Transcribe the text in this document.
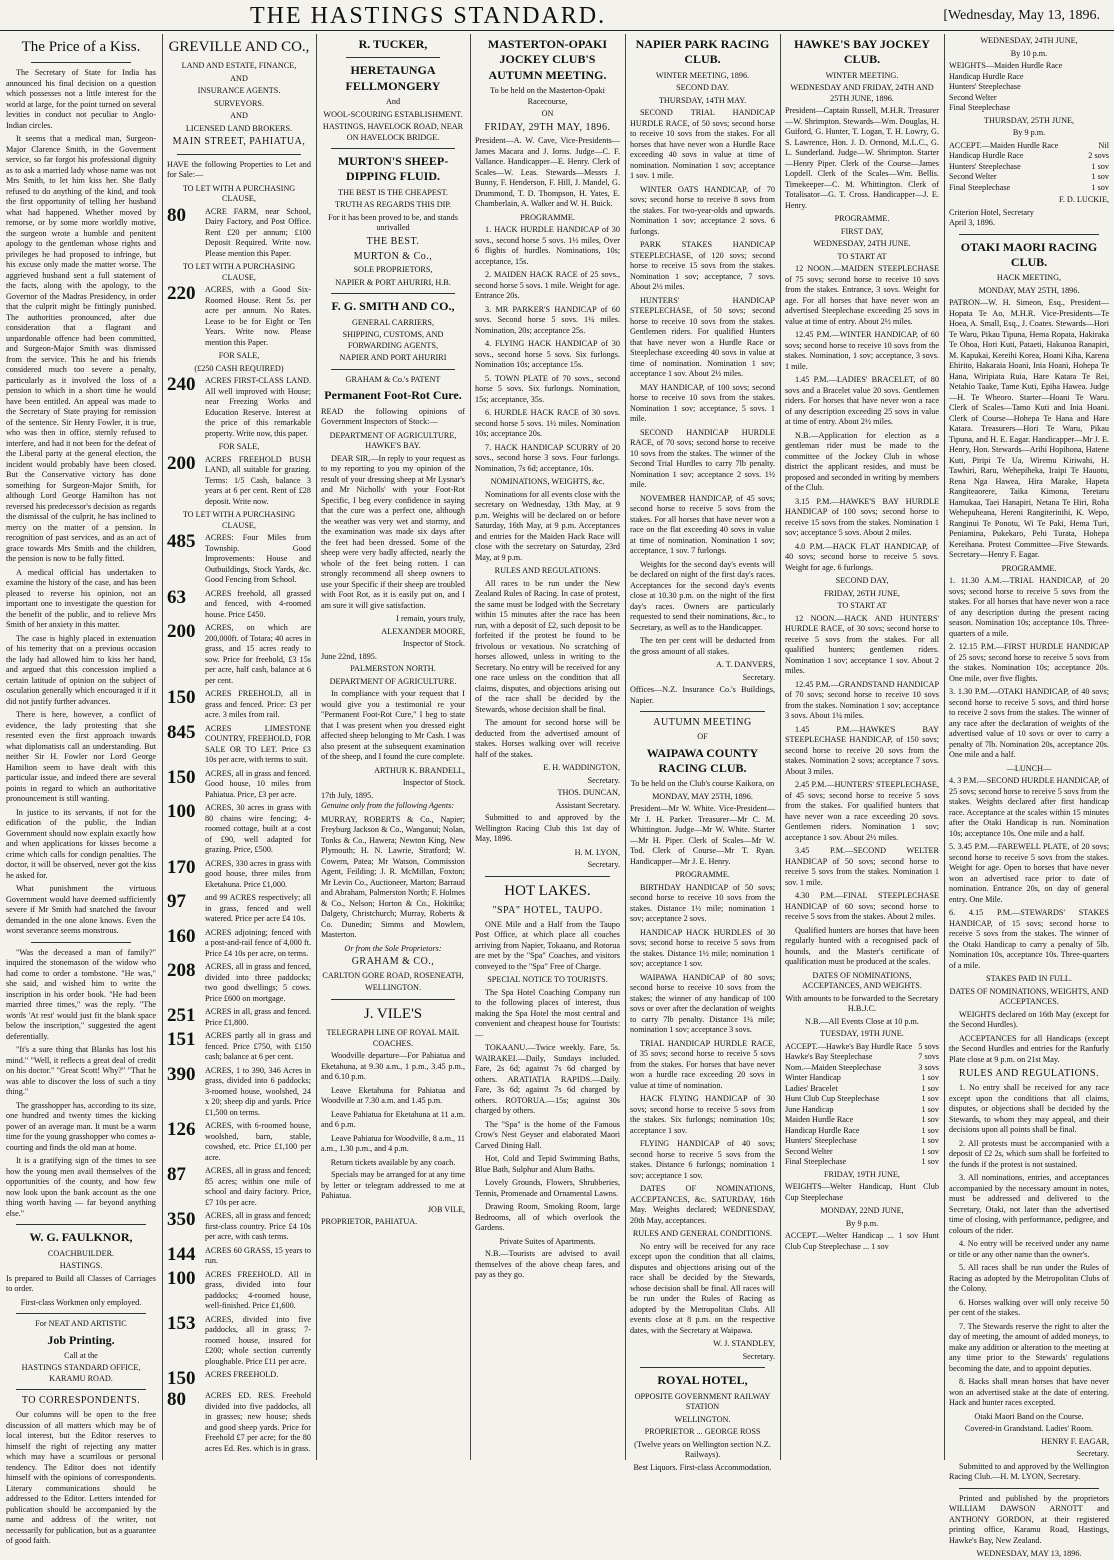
THE HASTINGS STANDARD.	[Wednesday, May 13, 1896.
The Price of a Kiss.

The Secretary of State for India has announced his final decision on a question which possesses not a little interest for the world at large, for the point turned on several levities in conduct not peculiar to Anglo-Indian circles.

It seems that a medical man, Surgeon-Major Clarence Smith, in the Goverment service, so far forgot his professional dignity as to ask a married lady whose name was not Mrs Smith, to let him kiss her. She flatly refused to do anything of the kind, and took the first opportunity of telling her husband what had happened. Whether moved by remorse, or by some more worldly motive, the surgeon wrote a humble and penitent apology to the gentleman whose rights and privileges he had proposed to infringe, but his excuse only made the matter worse. The aggrieved husband sent a full statement of the facts, along with the apology, to the Governor of the Madras Presidency, in order that the culprit might be fittingly punished. The authorities pronounced, after due consideration that a flagrant and unpardonable offence had been committed, and Surgeon-Major Smith was dismissed from the service. This he and his friends considered much too severe a penalty, particularly as it involved the loss of a pension to which in a short time he would have been entitled. An appeal was made to the Secretary of State praying for remission of the sentence. Sir Henry Fowler, it is true, who was then in office, sternly refused to interfere, and had it not been for the defeat of the Liberal party at the general election, the incident would probably have been closed. But the Conservative victory has done something for Surgeon-Major Smith, for although Lord George Hamilton has not reversed his predecessor's decision as regards the dismissal of the culprit, he has inclined to mercy on the matter of a pension. In recognition of past services, and as an act of grace towards Mrs Smith and the children, the pension is now to be fully fitted.

A medical official has undertaken to examine the history of the case, and has been pleased to reverse his opinion, not an important one to investigate the question for the benefit of the public, and to relieve Mrs Smith of her anxiety in this matter.

The case is highly placed in extenuation of his temerity that on a previous occasion the lady had allowed him to kiss her hand, and argued that this concession implied a certain latitude of opinion on the subject of osculation generally which encouraged it if it did not justify further advances.

There is here, however, a conflict of evidence, the lady protesting that she resented even the first approach towards what diplomatists call an understanding. But neither Sir H. Fowler nor Lord George Hamilton seem to have dealt with this particular issue, and indeed there are several points in regard to which an authoritative pronouncement is still wanting.

In justice to its servants, if not for the edification of the public, the Indian Government should now explain exactly how and when applications for kisses become a crime which calls for condign penalties. The doctor, it will be observed, never got the kiss he asked for.

What punishment the virtuous Government would have deemed sufficiently severe if Mr Smith had snatched the favour demanded in the one alone knows. Even the worst severance seems monstrous.

"Was the deceased a man of family?" inquired the stonemason of the widow who had come to order a tombstone. "He was," she said, and wished him to write the inscription in his order book. "He had been married three times," was the reply. "The words 'At rest' would just fit the blank space below the inscription," suggested the agent deferentially.

"It's a sure thing that Blanks has lost his mind." "Well, it reflects a great deal of credit on his doctor." "Great Scott! Why?" "That he was able to discover the loss of such a tiny thing."

The grasshopper has, according to its size, one hundred and twenty times the kicking power of an average man. It must be a warm time for the young grasshopper who comes a-courting and finds the old man at home.

It is a gratifying sign of the times to see how the young men avail themselves of the opportunities of the county, and how few now look upon the bank account as the one thing worth having — far beyond anything else."

W. G. FAULKNOR,
COACHBUILDER.
HASTINGS.

Is prepared to Build all Classes of Carriages to order.

First-class Workmen only employed.

For NEAT AND ARTISTIC

Job Printing.
Call at the
HASTINGS STANDARD OFFICE, KARAMU ROAD.
TO CORRESPONDENTS.

Our columns will be open to the free discussion of all matters which may be of local interest, but the Editor reserves to himself the right of rejecting any matter which may have a scurrilous or personal tendency. The Editor does not identify himself with the opinions of correspondents. Literary communications should be addressed to the Editor. Letters intended for publication should be accompanied by the name and address of the writer, not necessarily for publication, but as a guarantee of good faith.

GREVILLE AND CO.,
LAND AND ESTATE, FINANCE,
AND
INSURANCE AGENTS.
SURVEYORS.
AND
LICENSED LAND BROKERS.
MAIN STREET, PAHIATUA,

HAVE the following Properties to Let and for Sale:—

TO LET WITH A PURCHASING CLAUSE,
80	ACRE FARM, near School, Dairy Factory, and Post Office. Rent £20 per annum; £100 Deposit Required. Write now. Please mention this Paper.
TO LET WITH A PURCHASING CLAUSE,
220	ACRES, with a Good Six-Roomed House. Rent 5s. per acre per annum. No Rates. Lease to be for Eight or Ten Years. Write now. Please mention this Paper.
FOR SALE,
(£250 CASH REQUIRED)
240	ACRES FIRST-CLASS LAND. All well improved with House; near Freezing Works and Education Reserve. Interest at the price of this remarkable property. Write now, this paper.
FOR SALE,
200	ACRES FREEHOLD BUSH LAND, all suitable for grazing. Terms: 1/5 Cash, balance 3 years at 6 per cent. Rent of £28 deposit. Write now.
TO LET WITH A PURCHASING CLAUSE,
485	ACRES: Four Miles from Township. Good Improvements: House and Outbuildings, Stock Yards, &c. Good Fencing from School.
63	ACRES freehold, all grassed and fenced, with 4-roomed house. Price £450.
200	ACRES, on which are 200,000ft. of Totara; 40 acres in grass, and 15 acres ready to sow. Price for freehold, £3 15s per acre, half cash, balance at 6 per cent.
150	ACRES FREEHOLD, all in grass and fenced. Price: £3 per acre. 3 miles from rail.
845	ACRES LIMESTONE COUNTRY, FREEHOLD, FOR SALE OR TO LET. Price £3 10s per acre, with terms to suit.
150	ACRES, all in grass and fenced. Good house, 10 miles from Pahiatua. Price, £3 per acre.
100	ACRES, 30 acres in grass with 80 chains wire fencing; 4-roomed cottage, built at a cost of £90, well adapted for grazing. Price, £500.
170	ACRES, 330 acres in grass with good house, three miles from Eketahuna. Price £1,000.
97	and 99 ACRES respectively; all in grass, fenced and well watered. Price per acre £4 10s.
160	ACRES adjoining; fenced with a post-and-rail fence of 4,000 ft. Price £4 10s per acre, on terms.
208	ACRES, all in grass and fenced, divided into three paddocks; two good dwellings; 5 cows. Price £600 on mortgage.
251	ACRES in all, grass and fenced. Price £1,800.
151	ACRES partly all in grass and fenced. Price £750, with £150 cash; balance at 6 per cent.
390	ACRES, 1 to 390, 346 Acres in grass, divided into 6 paddocks; 3-roomed house, woolshed, 24 x 20; sheep dip and yards. Price £1,500 on terms.
126	ACRES, with 6-roomed house, woolshed, barn, stable, cowshed, etc. Price £1,100 per acre.
87	ACRES, all in grass and fenced; 85 acres; within one mile of school and dairy factory. Price, £7 10s per acre.
350	ACRES, all in grass and fenced; first-class country. Price £4 10s per acre, with cash terms.
144	ACRES 60 GRASS, 15 years to run.
100	ACRES FREEHOLD. All in grass, divided into four paddocks; 4-roomed house, well-finished. Price £1,600.
153	ACRES, divided into five paddocks, all in grass; 7-roomed house, insured for £200; whole section currently ploughable. Price £11 per acre.
150	ACRES FREEHOLD.
80	ACRES ED. RES. Freehold divided into five paddocks, all in grasses; new house; sheds and good sheep yards. Price for Freehold £7 per acre; for the 80 acres Ed. Res. which is in grass.
R. TUCKER,
HERETAUNGA FELLMONGERY
And
WOOL-SCOURING ESTABLISHMENT.

HASTINGS, HAVELOCK ROAD, NEAR ON HAVELOCK BRIDGE.

MURTON'S SHEEP-DIPPING FLUID.
THE BEST IS THE CHEAPEST.
TRUTH AS REGARDS THIS DIP.
For it has been proved to be, and stands unrivalled
THE BEST.
MURTON & Co.,
SOLE PROPRIETORS,
NAPIER & PORT AHURIRI, H.B.
F. G. SMITH AND CO.,
GENERAL CARRIERS,
SHIPPING, CUSTOMS, AND FORWARDING AGENTS,
NAPIER AND PORT AHURIRI
GRAHAM & Co.'s PATENT
Permanent Foot-Rot Cure.

READ the following opinions of Government Inspectors of Stock:—

DEPARTMENT OF AGRICULTURE, HAWKE'S BAY.

DEAR SIR,—In reply to your request as to my reporting to you my opinion of the result of your dressing sheep at Mr Lysnar's and Mr Nicholls' with your Foot-Rot Specific, I beg every confidence in saying that the cure was a perfect one, although the weather was very wet and stormy, and the examination was made six days after the feet had been dressed. Some of the sheep were very badly affected, nearly the whole of the feet being rotten. I can strongly recommend all sheep owners to use your Specific if their sheep are troubled with Foot Rot, as it is easily put on, and I am sure it will give satisfaction.

I remain, yours truly,
ALEXANDER MOORE,
Inspector of Stock.
June 22nd, 1895.
PALMERSTON NORTH.
DEPARTMENT OF AGRICULTURE.

In compliance with your request that I would give you a testimonial re your "Permanent Foot-Rot Cure," I beg to state that I was present when you dressed eight affected sheep belonging to Mr Cash. I was also present at the subsequent examination of the sheep, and I found the cure complete.

ARTHUR K. BRANDELL,
Inspector of Stock.
17th July, 1895.

Genuine only from the following Agents:

MURRAY, ROBERTS & Co., Napier; Freyburg Jackson & Co., Wanganui; Nolan, Tonks & Co., Hawera; Newton King, New Plymouth; H. N. Lawrie, Stratford; W. Cowern, Patea; Mr Watson, Commission Agent, Feilding; J. R. McMillan, Foxton; Mr Levin Co., Auctioneer, Marton; Barraud and Abraham, Palmerston North; F. Holmes & Co., Nelson; Horton & Co., Hokitika; Dalgety, Christchurch; Murray, Roberts & Co. Dunedin; Simms and Mowlem, Masterton.

Or from the Sole Proprietors:
GRAHAM & CO.,
CARLTON GORE ROAD, ROSENEATH,
WELLINGTON.
J. VILE'S
TELEGRAPH LINE OF ROYAL MAIL COACHES.

Woodville departure—For Pahiatua and Eketahuna, at 9.30 a.m., 1 p.m., 3.45 p.m., and 6.10 p.m.

Leave Eketahuna for Pahiatua and Woodville at 7.30 a.m. and 1.45 p.m.

Leave Pahiatua for Eketahuna at 11 a.m. and 6 p.m.

Leave Pahiatua for Woodville, 8 a.m., 11 a.m., 1.30 p.m., and 4 p.m.

Return tickets available by any coach.

Specials may be arranged for at any time by letter or telegram addressed to me at Pahiatua.

JOB VILE,
PROPRIETOR, PAHIATUA.
MASTERTON-OPAKI JOCKEY CLUB'S AUTUMN MEETING.
To be held on the Masterton-Opaki Racecourse,
ON
FRIDAY, 29TH MAY, 1896.

President—A. W. Cave, Vice-Presidents—James Macara and J. Iorns. Judge—C. F. Vallance. Handicapper—E. Henry. Clerk of Scales—W. Leas. Stewards—Messrs J. Bunny, F. Henderson, F. Hill, J. Mandel, G. Drummond, T. D. Thompson, H. Yates, E. Chamberlain, A. Walker and W. H. Buick.

PROGRAMME.

1. HACK HURDLE HANDICAP of 30 sovs., second horse 5 sovs. 1½ miles, Over 6 flights of hurdles. Nominations, 10s; acceptance, 15s.

2. MAIDEN HACK RACE of 25 sovs., second horse 5 sovs. 1 mile. Weight for age. Entrance 20s.

3. MR PARKER'S HANDICAP of 60 sovs. Second horse 5 sovs. 1¼ miles. Nomination, 20s; acceptance 25s.

4. FLYING HACK HANDICAP of 30 sovs., second horse 5 sovs. Six furlongs. Nomination 10s; acceptance 15s.

5. TOWN PLATE of 70 sovs., second horse 5 sovs. Six furlongs. Nomination, 15s; acceptance, 35s.

6. HURDLE HACK RACE of 30 sovs. second horse 5 sovs. 1½ miles. Nomination 10s; acceptance 20s.

7. HACK HANDICAP SCURRY of 20 sovs., second horse 3 sovs. Four furlongs. Nomination, 7s 6d; acceptance, 10s.

NOMINATIONS, WEIGHTS, &c.

Nominations for all events close with the secretary on Wednesday, 13th May, at 9 p.m. Weights will be declared on or before Saturday, 16th May, at 9 p.m. Acceptances and entries for the Maiden Hack Race will close with the secretary on Saturday, 23rd May, at 9 p.m.

RULES AND REGULATIONS.

All races to be run under the New Zealand Rules of Racing. In case of protest, the same must be lodged with the Secretary within 15 minutes after the race has been run, with a deposit of £2, such deposit to be forfeited if the protest be found to be frivolous or vexatious. No scratching of horses allowed, unless in writing to the Secretary. No entry will be received for any one race unless on the condition that all claims, disputes, and objections arising out of the race shall be decided by the Stewards, whose decision shall be final.

The amount for second horse will be deducted from the advertised amount of stakes. Horses walking over will receive half of the stakes.

E. H. WADDINGTON,
Secretary.
THOS. DUNCAN,
Assistant Secretary.

Submitted to and approved by the Wellington Racing Club this 1st day of May, 1896.

H. M. LYON,
Secretary.
HOT LAKES.
"SPA" HOTEL, TAUPO.

ONE Mile and a Half from the Taupo Post Office, at which place all coaches arriving from Napier, Tokaanu, and Rotorua are met by the "Spa" Coaches, and visitors conveyed to the "Spa" Free of Charge.

SPECIAL NOTICE TO TOURISTS.

The Spa Hotel Coaching Company run to the following places of interest, thus making the Spa Hotel the most central and convenient and cheapest house for Tourists:—

TOKAANU.—Twice weekly. Fare, 5s. WAIRAKEI.—Daily, Sundays included. Fare, 2s 6d; against 7s 6d charged by others. ARATIATIA RAPIDS.—Daily. Fare, 3s 6d; against 7s 6d charged by others. ROTORUA.—15s; against 30s charged by others.

The "Spa" is the home of the Famous Crow's Nest Geyser and elaborated Maori Carved Dining Hall.

Hot, Cold and Tepid Swimming Baths, Blue Bath, Sulphur and Alum Baths.

Lovely Grounds, Flowers, Shrubberies, Tennis, Promenade and Ornamental Lawns.

Drawing Room, Smoking Room, large Bedrooms, all of which overlook the Gardens.

Private Suites of Apartments.

N.B.—Tourists are advised to avail themselves of the above cheap fares, and pay as they go.

NAPIER PARK RACING CLUB.
WINTER MEETING, 1896.
SECOND DAY.
THURSDAY, 14TH MAY.

SECOND TRIAL HANDICAP HURDLE RACE, of 50 sovs; second horse to receive 10 sovs from the stakes. For all horses that have never won a Hurdle Race exceeding 40 sovs in value at time of nomination. Nomination 1 sov; acceptance 1 sov. 1 mile.

WINTER OATS HANDICAP, of 70 sovs; second horse to receive 8 sovs from the stakes. For two-year-olds and upwards. Nomination 1 sov; acceptance 2 sovs. 6 furlongs.

PARK STAKES HANDICAP STEEPLECHASE, of 120 sovs; second horse to receive 15 sovs from the stakes. Nomination 1 sov; acceptance, 7 sovs. About 2½ miles.

HUNTERS' HANDICAP STEEPLECHASE, of 50 sovs; second horse to receive 10 sovs from the stakes. Gentlemen riders. For qualified Hunters that have never won a Hurdle Race or Steeplechase exceeding 40 sovs in value at time of nomination. Nomination 1 sov; acceptance 1 sov. About 2½ miles.

MAY HANDICAP, of 100 sovs; second horse to receive 10 sovs from the stakes. Nomination 1 sov; acceptance, 5 sovs. 1 mile.

SECOND HANDICAP HURDLE RACE, of 70 sovs; second horse to receive 10 sovs from the stakes. The winner of the Second Trial Hurdles to carry 7lb penalty. Nomination 1 sov; acceptance 2 sovs. 1½ mile.

NOVEMBER HANDICAP, of 45 sovs; second horse to receive 5 sovs from the stakes. For all horses that have never won a race on the flat exceeding 40 sovs in value at time of nomination. Nomination 1 sov; acceptance, 1 sov. 7 furlongs.

Weights for the second day's events will be declared on night of the first day's races. Acceptances for the second day's events close at 10.30 p.m. on the night of the first day's races. Owners are particularly requested to send their nominations, &c., to Secretary, as well as to the Handicapper.

The ten per cent will be deducted from the gross amount of all stakes.

A. T. DANVERS,
Secretary.

Offices—N.Z. Insurance Co.'s Buildings, Napier.

AUTUMN MEETING
OF
WAIPAWA COUNTY RACING CLUB.
To be held on the Club's course Kaikora, on
MONDAY, MAY 25TH, 1896.

President—Mr W. White. Vice-President—Mr J. H. Parker. Treasurer—Mr C. M. Whittington. Judge—Mr W. White. Starter—Mr H. Piper. Clerk of Scales—Mr W. Tod. Clerk of Course—Mr T. Ryan. Handicapper—Mr J. E. Henry.

PROGRAMME.

BIRTHDAY HANDICAP of 50 sovs; second horse to receive 10 sovs from the stakes. Distance 1½ mile; nomination 1 sov; acceptance 2 sovs.

HANDICAP HACK HURDLES of 30 sovs; second horse to receive 5 sovs from the stakes. Distance 1½ mile; nomination 1 sov; acceptance 1 sov.

WAIPAWA HANDICAP of 80 sovs; second horse to receive 10 sovs from the stakes; the winner of any handicap of 100 sovs or over after the declaration of weights to carry 7lb penalty. Distance 1¼ mile; nomination 1 sov; acceptance 3 sovs.

TRIAL HANDICAP HURDLE RACE, of 35 sovs; second horse to receive 5 sovs from the stakes. For horses that have never won a hurdle race exceeding 20 sovs in value at time of nomination.

HACK FLYING HANDICAP of 30 sovs; second horse to receive 5 sovs from the stakes. Six furlongs; nomination 10s; acceptance 1 sov.

FLYING HANDICAP of 40 sovs; second horse to receive 5 sovs from the stakes. Distance 6 furlongs; nomination 1 sov; acceptance 1 sov.

DATES OF NOMINATIONS, ACCEPTANCES, &c. SATURDAY, 16th May. Weights declared; WEDNESDAY, 20th May, acceptances.

RULES AND GENERAL CONDITIONS.

No entry will be received for any race except upon the condition that all claims, disputes and objections arising out of the race shall be decided by the Stewards, whose decision shall be final. All races will be run under the Rules of Racing as adopted by the Metropolitan Clubs. All events close at 8 p.m. on the respective dates, with the Secretary at Waipawa.

W. J. STANDLEY,
Secretary.
ROYAL HOTEL,
OPPOSITE GOVERNMENT RAILWAY STATION
WELLINGTON.
PROPRIETOR ... GEORGE ROSS

(Twelve years on Wellington section N.Z. Railways).

Best Liquors. First-class Accommodation.

HAWKE'S BAY JOCKEY CLUB.
WINTER MEETING.
WEDNESDAY AND FRIDAY, 24TH AND 25TH JUNE, 1896.

President—Captain Russell, M.H.R. Treasurer—W. Shrimpton. Stewards—Wm. Douglas, H. Guiford, G. Hunter, T. Logan, T. H. Lowry, G. S. Lawrence, Hon. J. D. Ormond, M.L.C., G. L. Sunderland. Judge—W. Shrimpton. Starter—Henry Piper. Clerk of the Course—James Lopdell. Clerk of the Scales—Wm. Bellis. Timekeeper—C. M. Whittington. Clerk of Totalisator—G. T. Cross. Handicapper—J. E. Henry.

PROGRAMME.
FIRST DAY,
WEDNESDAY, 24TH JUNE.
TO START AT

12 NOON.—MAIDEN STEEPLECHASE of 75 sovs; second horse to receive 10 sovs from the stakes. Entrance, 3 sovs. Weight for age. For all horses that have never won an advertised Steeplechase exceeding 25 sovs in value at time of entry. About 2½ miles.

12.45 P.M.—WINTER HANDICAP, of 60 sovs; second horse to receive 10 sovs from the stakes. Nomination, 1 sov; acceptance, 3 sovs. 1 mile.

1.45 P.M.—LADIES' BRACELET, of 80 sovs and a Bracelet value 20 sovs. Gentlemen riders. For horses that have never won a race of any description exceeding 25 sovs in value at time of entry. About 2½ miles.

N.B.—Application for election as a gentleman rider must be made to the committee of the Jockey Club in whose district the applicant resides, and must be proposed and seconded in writing by members of the Club.

3.15 P.M.—HAWKE'S BAY HURDLE HANDICAP of 100 sovs; second horse to receive 15 sovs from the stakes. Nomination 1 sov; acceptance 5 sovs. About 2 miles.

4.0 P.M.—HACK FLAT HANDICAP, of 40 sovs; second horse to receive 5 sovs. Weight for age. 6 furlongs.

SECOND DAY,
FRIDAY, 26TH JUNE,
TO START AT

12 NOON.—HACK AND HUNTERS' HURDLE RACE, of 30 sovs; second horse to receive 5 sovs from the stakes. For all qualified hunters; gentlemen riders. Nomination 1 sov; acceptance 1 sov. About 2 miles.

12.45 P.M.—GRANDSTAND HANDICAP of 70 sovs; second horse to receive 10 sovs from the stakes. Nomination 1 sov; acceptance 3 sovs. About 1¼ miles.

1.45 P.M.—HAWKE'S BAY STEEPLECHASE HANDICAP, of 150 sovs; second horse to receive 20 sovs from the stakes. Nomination 2 sovs; acceptance 7 sovs. About 3 miles.

2.45 P.M.—HUNTERS' STEEPLECHASE, of 45 sovs; second horse to receive 5 sovs from the stakes. For qualified hunters that have never won a race exceeding 20 sovs. Gentlemen riders. Nomination 1 sov; acceptance 1 sov. About 2½ miles.

3.45 P.M.—SECOND WELTER HANDICAP of 50 sovs; second horse to receive 5 sovs from the stakes. Nomination 1 sov. 1 mile.

4.30 P.M.—FINAL STEEPLECHASE HANDICAP of 60 sovs; second horse to receive 5 sovs from the stakes. About 2 miles.

Qualified hunters are horses that have been regularly hunted with a recognised pack of hounds, and the Master's certificate of qualification must be produced at the scales.

DATES OF NOMINATIONS, ACCEPTANCES, AND WEIGHTS.

With amounts to be forwarded to the Secretary H.B.J.C.

N.B.—All Events Close at 10 p.m.

TUESDAY, 19TH JUNE.
ACCEPT.—Hawke's Bay Hurdle Race 5 sovs
Hawke's Bay Steeplechase	7 sovs
Nom.—Maiden Steeplechase	3 sovs
Winter Handicap	1 sov
Ladies' Bracelet	1 sov
Hunt Club Cup Steeplechase	1 sov
June Handicap	1 sov
Maiden Hurdle Race	1 sov
Handicap Hurdle Race	1 sov
Hunters' Steeplechase	1 sov
Second Welter	1 sov
Final Steeplechase	1 sov
FRIDAY, 19TH JUNE,

WEIGHTS—Welter Handicap, Hunt Club Cup Steeplechase

MONDAY, 22ND JUNE,
By 9 p.m.

ACCEPT.—Welter Handicap ... 1 sov Hunt Club Cup Steeplechase ... 1 sov

WEDNESDAY, 24TH JUNE,
By 10 p.m.
WEIGHTS—Maiden Hurdle Race
Handicap Hurdle Race
Hunters' Steeplechase
Second Welter
Final Steeplechase
THURSDAY, 25TH JUNE,
By 9 p.m.
ACCEPT.—Maiden Hurdle Race	Nil
Handicap Hurdle Race	2 sovs
Hunters' Steeplechase	1 sov
Second Welter	1 sov
Final Steeplechase	1 sov
F. D. LUCKIE,
Criterion Hotel, Secretary
April 3, 1896.
OTAKI MAORI RACING CLUB.
HACK MEETING,
MONDAY, MAY 25TH, 1896.

PATRON—W. H. Simeon, Esq., President—Hopata Te Ao, M.H.R. Vice-Presidents—Te Hoea, A. Small, Esq., J. Coates. Stewards—Hori Te Waru, Pikau Tipuna, Hema Ropata, Hakiraka Te Ohoa, Hori Kuti, Pataeti, Hakunoa Ranapiri, M. Kapukai, Kereihi Korea, Hoani Kiha, Karena Ehirito, Hakaraia Hoani, Inia Hoani, Hohepa Te Hana, Wiripiata Ruia, Hare Katara Te Rei, Netahio Taake, Tame Kuti, Epiha Hawea. Judge—H. Te Wheoro. Starter—Hoani Te Waru. Clerk of Scales—Tamo Kuti and Inia Hoani. Clerk of Course—Hohepa Te Hana and Hare Katara. Treasurers—Hori Te Waru, Pikau Tipuna, and H. E. Eagar. Handicapper—Mr J. E. Henry, Hon. Stewards—Arihi Hopihona, Hatene Kuti, Piripi Te Ua, Wiremu Kiriwahi, H. Tawhiri, Raru, Wehepiheka, Iraipi Te Hauotu, Rena Nga Hawea, Hira Marake, Hapeta Rangiteaorere, Taika Kimona, Teretaru Hamukaa, Taei Hanapiri, Netana Te Hiri, Roha Wehepuheana, Hereni Rangiterinihi, K. Wepo, Ranginui Te Ponotu, Wi Te Paki, Hema Turi, Peniamina, Pukekaro, Pehi Turata, Hohepa Kereihana. Protest Committee—Five Stewards. Secretary—Henry F. Eagar.

PROGRAMME.

1. 11.30 A.M.—TRIAL HANDICAP, of 20 sovs; second horse to receive 5 sovs from the stakes. For all horses that have never won a race of any description during the present racing season. Nomination 10s; acceptance 10s. Three-quarters of a mile.

2. 12.15 P.M.—FIRST HURDLE HANDICAP of 25 sovs; second horse to receive 5 sovs from the stakes. Nomination 10s; acceptance 20s. One mile, over five flights.

3. 1.30 P.M.—OTAKI HANDICAP, of 40 sovs; second horse to receive 5 sovs, and third horse to receive 2 sovs from the stakes. The winner of any race after the declaration of weights of the advertised value of 10 sovs or over to carry a penalty of 7lb. Nomination 20s, acceptance 20s. One mile and a half.

—LUNCH—

4. 3 P.M.—SECOND HURDLE HANDICAP, of 25 sovs; second horse to receive 5 sovs from the stakes. Weights declared after first handicap race. Acceptance at the scales within 15 minutes after the Otaki Handicap is run. Nomination 10s; acceptance 10s. One mile and a half.

5. 3.45 P.M.—FAREWELL PLATE, of 20 sovs; second horse to receive 5 sovs from the stakes. Weight for age. Open to horses that have never won an advertised race prior to date of nomination. Entrance 20s, on day of general entry. One Mile.

6. 4.15 P.M.—STEWARDS' STAKES HANDICAP, of 15 sovs; second horse to receive 5 sovs from the stakes. The winner of the Otaki Handicap to carry a penalty of 5lb. Nomination 10s, acceptance 10s. Three-quarters of a mile.

STAKES PAID IN FULL.
DATES OF NOMINATIONS, WEIGHTS, AND ACCEPTANCES.

WEIGHTS declared on 16th May (except for the Second Hurdles).

ACCEPTANCES for all Handicaps (except the Second Hurdles and entries for the Ranfurly Plate close at 9 p.m. on 21st May.

RULES AND REGULATIONS.

1. No entry shall be received for any race except upon the conditions that all claims, disputes, or objections shall be decided by the Stewards, to whom they may appeal, and their decisions upon all points shall be final.

2. All protests must be accompanied with a deposit of £2 2s, which sum shall be forfeited to the funds if the protest is not sustained.

3. All nominations, entries, and acceptances accompanied by the necessary amount in notes, must be addressed and delivered to the Secretary, Otaki, not later than the advertised time of closing, with performance, pedigree, and colours of the rider.

4. No entry will be received under any name or title or any other name than the owner's.

5. All races shall be run under the Rules of Racing as adopted by the Metropolitan Clubs of the Colony.

6. Horses walking over will only receive 50 per cent of the stakes.

7. The Stewards reserve the right to alter the day of meeting, the amount of added moneys, to make any addition or alteration to the meeting at any time prior to the Stewards' regulations becoming the date, and to appoint deputies.

8. Hacks shall mean horses that have never won an advertised stake at the date of entering. Hack and hunter races excepted.

Otaki Maori Band on the Course.

Covered-in Grandstand. Ladies' Room.

HENRY F. EAGAR,
Secretary.

Submitted to and approved by the Wellington Racing Club.—H. M. LYON, Secretary.

Printed and published by the proprietors WILLIAM DAWSON ARNOTT and ANTHONY GORDON, at their registered printing office, Karamu Road, Hastings, Hawke's Bay, New Zealand.

WEDNESDAY, MAY 13, 1896.
